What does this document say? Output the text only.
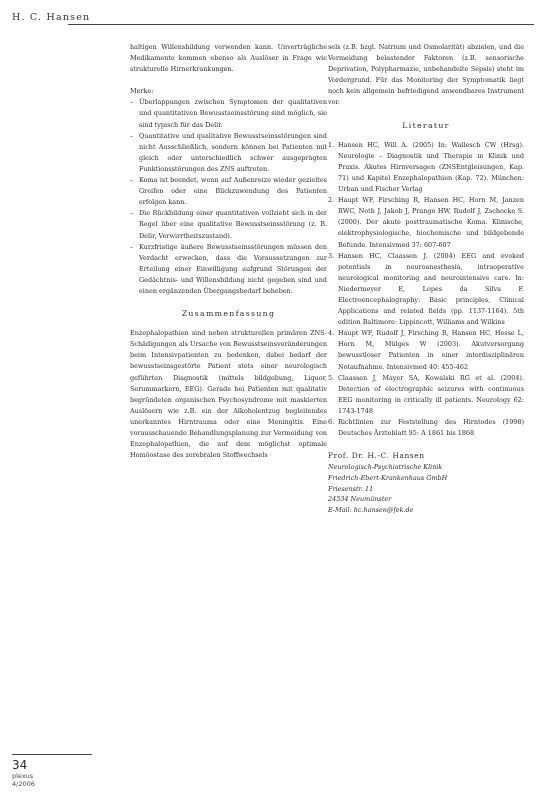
H. C. Hansen

haltigen Willensbildung verwenden kann. Unverträgliche Medikamente kommen ebenso als Auslöser in Frage wie strukturelle Hirnerkrankungen.

Merke:

– Überlappungen zwischen Symptomen der qualitativen und quantitativen Bewusstseinsstörung sind möglich, sie sind typisch für das Delir.
– Quantitative und qualitative Bewusstseinsstörungen sind nicht Ausschließlich, sondern können bei Patienten mit gleich oder unterschiedlich schwer ausgeprägten Funktionsstörungen des ZNS auftreten.
– Koma ist beendet, wenn auf Außenreize wieder gezieltes Greifen oder eine Blickzuwendung des Patienten erfolgen kann.
– Die Rückbildung einer quantitativen vollzieht sich in der Regel über eine qualitative Bewusstseinsstörung (z. B. Delir, Verwirrtheitszustand).
– Kurzfristige äußere Bewusstseinsstörungen müssen den Verdacht erwecken, dass die Voraussetzungen zur Erteilung einer Einwilligung aufgrund Störungen der Gedächtnis- und Willensbildung nicht gegeben sind und einen ergänzenden Übergangsbedarf beheben.
Zusammenfassung

Enzephalopathien sind neben strukturellen primären ZNS-Schädigungen als Ursache von Bewusstseinsveränderungen beim Intensivpatienten zu bedenken, dabei bedarf der bewusstseinsgestörte Patient stets einer neurologisch geführten Diagnostik (mittels bildgebung, Liquor, Serummarkern, EEG). Gerade bei Patienten mit qualitativ begründeten organischen Psychosyndrome mit maskierten Auslösern wie z.B. ein der Alkoholentzug begleitendes unerkanntes Hirntrauma oder eine Meningitis. Eine vorausschauende Behandlungsplanung zur Vermeidung von Enzephalopathien, die auf dem möglichst optimale Homöostase des zerebralen Stoffwechsels

sels (z.B. bzgl. Natrium und Osmolarität) abzielen, und die Vermeidung belastender Faktoren (z.B. sensorische Deprivation, Polypharmazie, unbehandelte Sepsis) steht im Vordergrund. Für das Monitoring der Symptomatik liegt noch kein allgemein befriedigend anwendbares Instrument vor.

Literatur
Hansen HC, Will A. (2005) In: Wallesch CW (Hrsg). Neurologie – Diagnostik und Therapie in Klinik und Praxis. Akutes Hirnversagen (ZNSEntgleisungen, Kap. 71) und Kapitel Enzephalopathien (Kap. 72). München: Urban und Fischer Verlag
Haupt WF, Firsching R, Hansen HC, Horn M, Janzen RWC, Noth J, Jakob J, Prange HW, Rudolf J, Zschocke S. (2000). Der akute posttraumatische Koma. Klinische, elektrophysiologische, biochemische und bildgebende Befunde. Intensivmed 37: 607-607
Hansen HC, Claassen J. (2004) EEG and evoked potentials in neuroanesthesia, intraoperative neurological monitoring and neurointensive care. In: Niedermeyer E, Lopes da Silva F. Electroencephalography: Basic principles, Clinical Applications and related fields (pp. 1137-1164). 5th edition Baltimore: Lippincott, Williams and Wilkins
Haupt WF, Rudolf J, Firsching R, Hansen HC, Hesse L, Horn M, Mülges W (2003). Akutversorgung bewusstloser Patienten in einer interdisziplinären Notaufnahme. Intensivmed 40: 455-462
Claassen J, Mayer SA, Kowalski RG et al. (2004). Detection of electrographic seizures with continuous EEG monitoring in critically ill patients. Neurology 62: 1743-1748
Richtlinien zur Feststellung des Hirntodes (1998) Deutsches Ärzteblatt 95: A 1861 bis 1868
Prof. Dr. H.-C. Hansen
Neurologisch-Psychiatrische Klinik
Friedrich-Ebert-Krankenhaus GmbH
Friesenstr. 11
24534 Neumünster
E-Mail: hc.hansen@fek.de
34
plexus
4/2006
